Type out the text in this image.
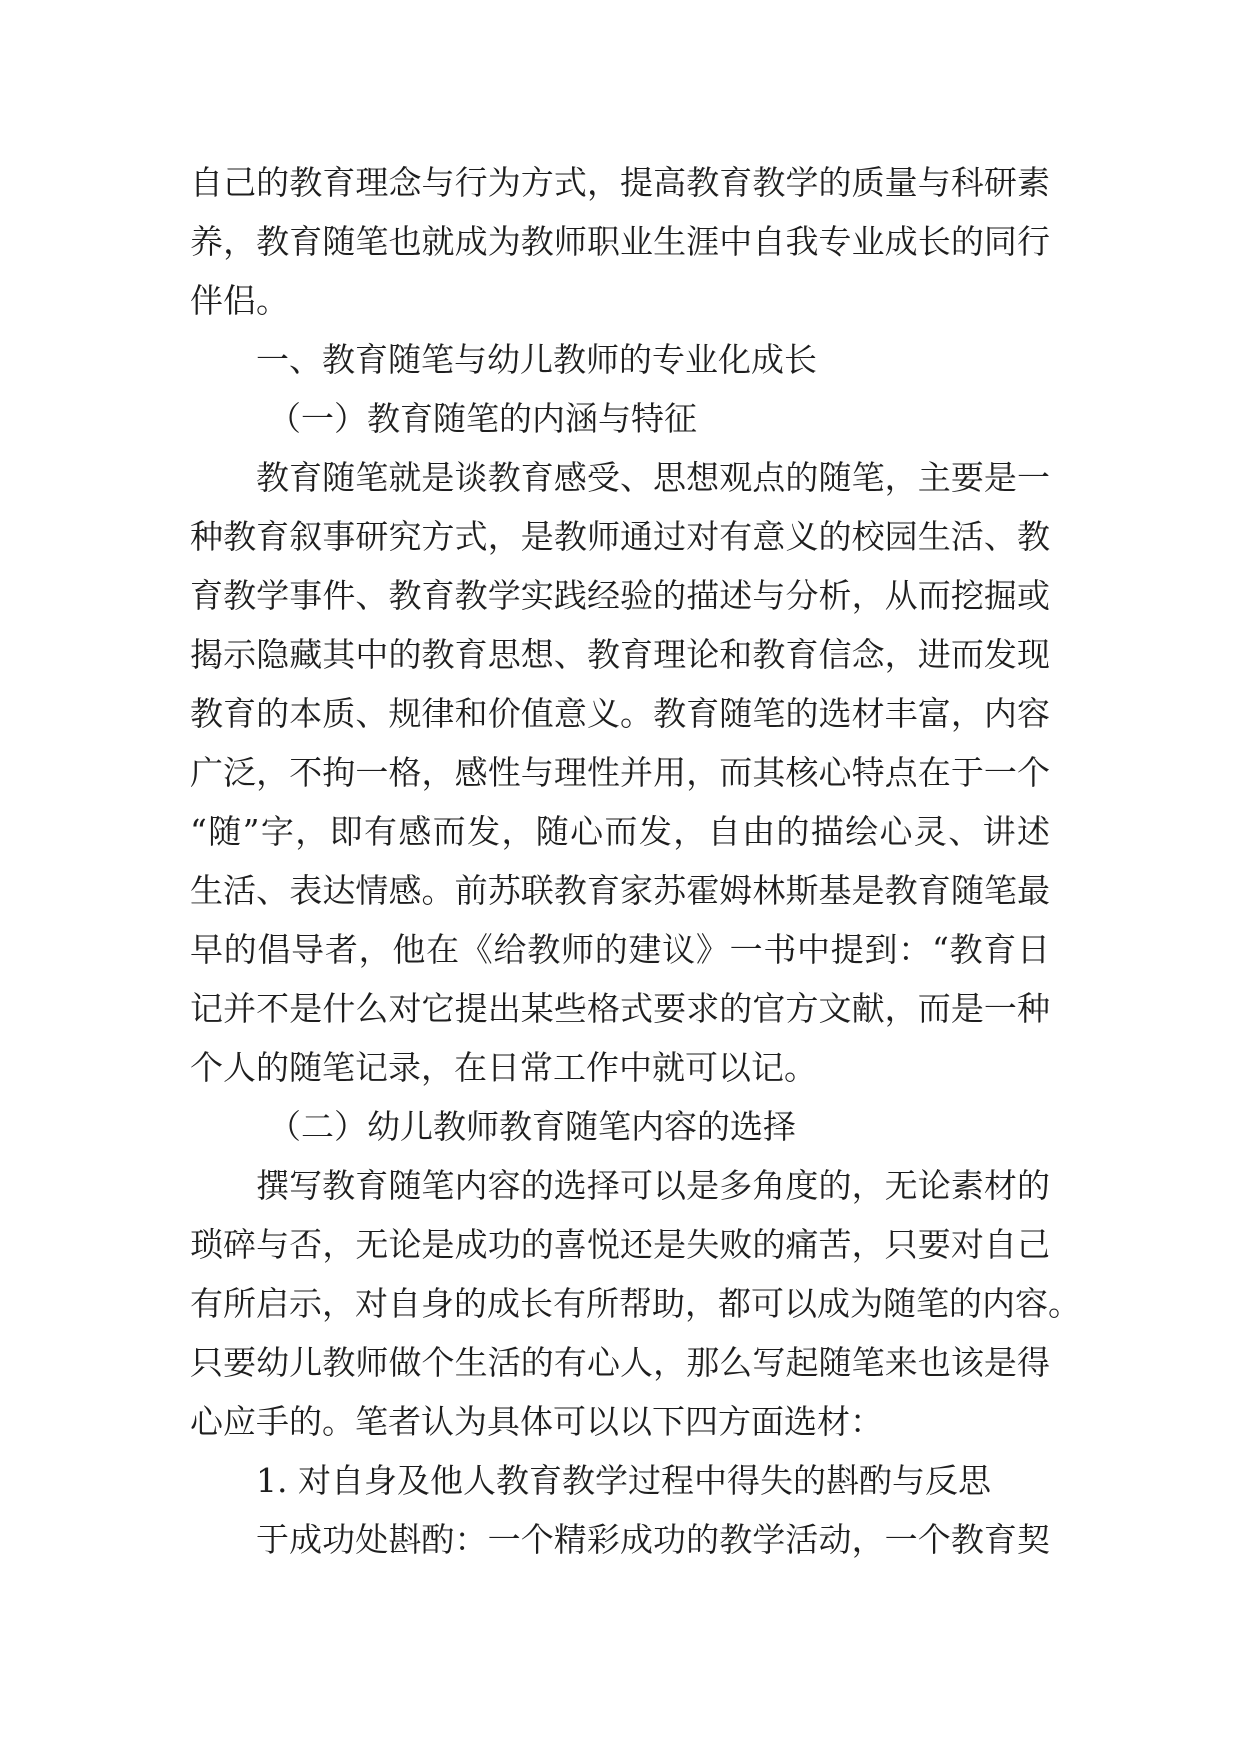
自己的教育理念与行为方式，提高教育教学的质量与科研素
养，教育随笔也就成为教师职业生涯中自我专业成长的同行
伴侣。
一、教育随笔与幼儿教师的专业化成长
（一）教育随笔的内涵与特征
教育随笔就是谈教育感受、思想观点的随笔，主要是一
种教育叙事研究方式，是教师通过对有意义的校园生活、教
育教学事件、教育教学实践经验的描述与分析，从而挖掘或
揭示隐藏其中的教育思想、教育理论和教育信念，进而发现
教育的本质、规律和价值意义。教育随笔的选材丰富，内容
广泛，不拘一格，感性与理性并用，而其核心特点在于一个
“随”字，即有感而发，随心而发，自由的描绘心灵、讲述
生活、表达情感。前苏联教育家苏霍姆林斯基是教育随笔最
早的倡导者，他在《给教师的建议》一书中提到：“教育日
记并不是什么对它提出某些格式要求的官方文献，而是一种
个人的随笔记录，在日常工作中就可以记。
（二）幼儿教师教育随笔内容的选择
撰写教育随笔内容的选择可以是多角度的，无论素材的
琐碎与否，无论是成功的喜悦还是失败的痛苦，只要对自己
有所启示，对自身的成长有所帮助，都可以成为随笔的内容。
只要幼儿教师做个生活的有心人，那么写起随笔来也该是得
心应手的。笔者认为具体可以以下四方面选材：
1. 对自身及他人教育教学过程中得失的斟酌与反思
于成功处斟酌：一个精彩成功的教学活动，一个教育契
